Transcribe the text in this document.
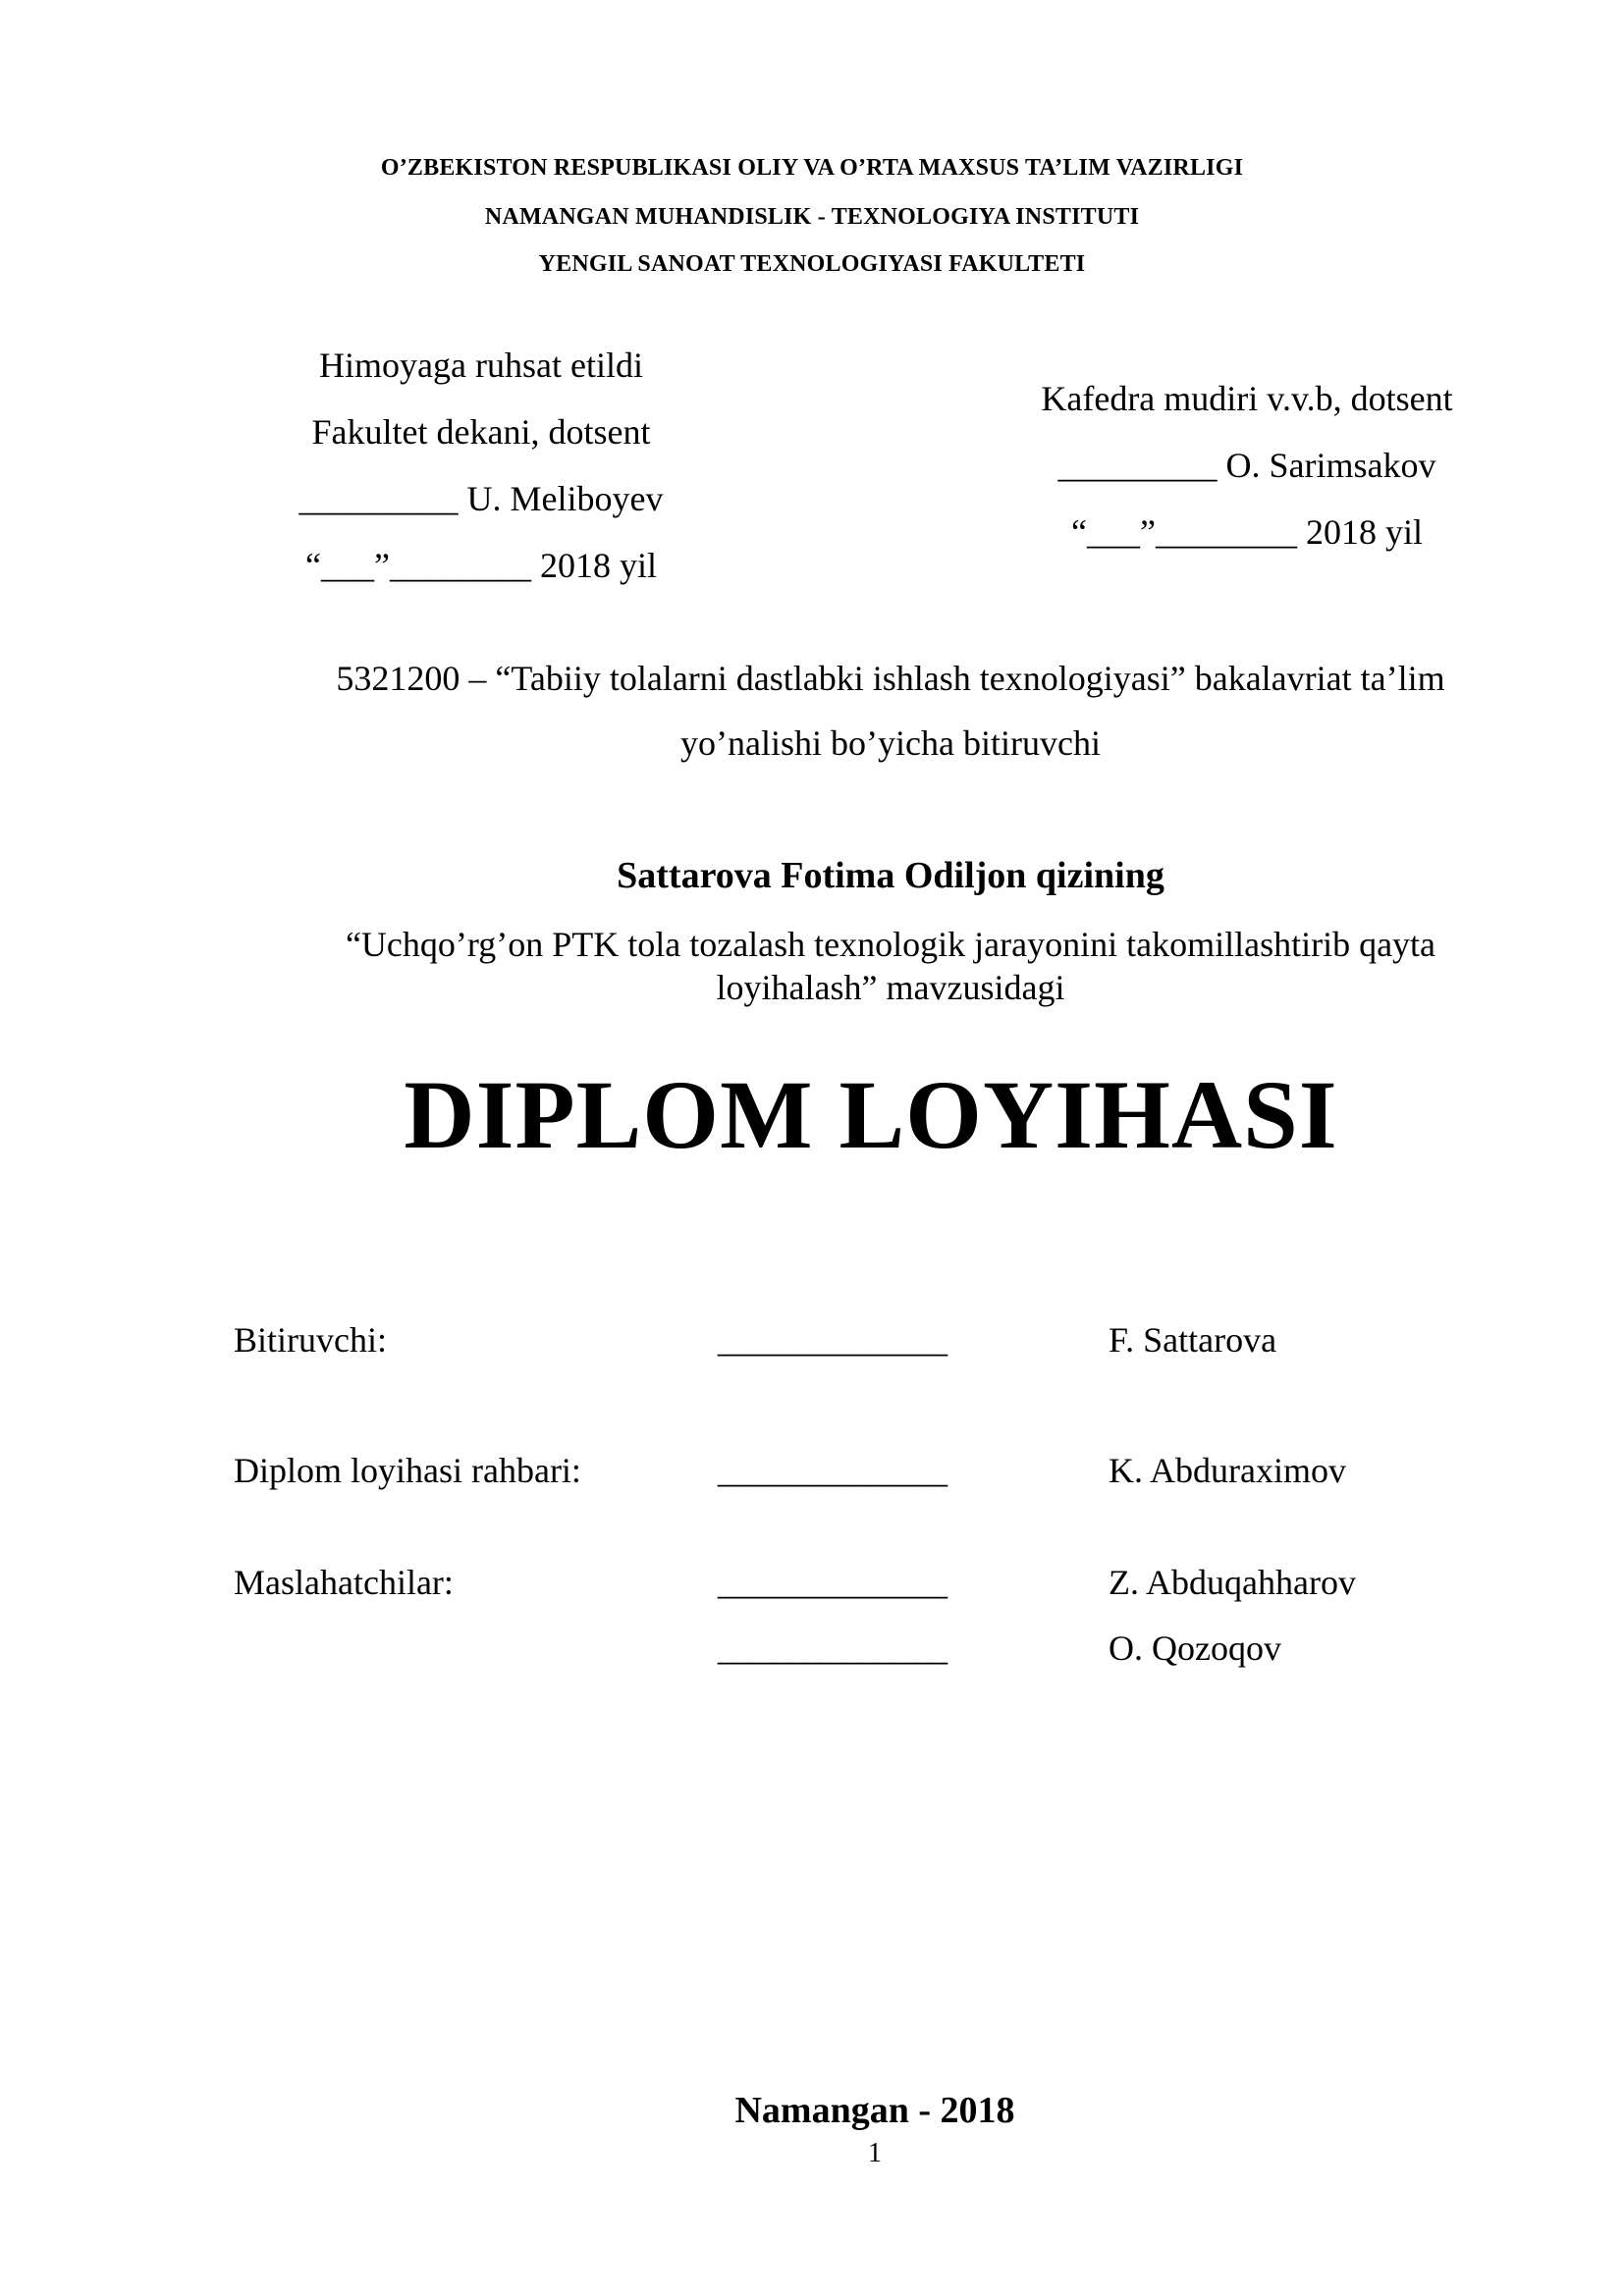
O’ZBEKISTON RESPUBLIKASI OLIY VA O’RTA MAXSUS TA’LIM VAZIRLIGI
NAMANGAN MUHANDISLIK - TEXNOLOGIYA INSTITUTI
YENGIL SANOAT TEXNOLOGIYASI FAKULTETI
Himoyaga ruhsat etildi
Fakultet dekani, dotsent
_________ U. Meliboyev
“___”________ 2018 yil
Kafedra mudiri v.v.b, dotsent
_________ O. Sarimsakov
“___”________ 2018 yil
5321200 – “Tabiiy tolalarni dastlabki ishlash texnologiyasi” bakalavriat ta’lim
yo’nalishi bo’yicha bitiruvchi
Sattarova Fotima Odiljon qizining
“Uchqo’rg’on PTK tola tozalash texnologik jarayonini takomillashtirib qayta
loyihalash” mavzusidagi
DIPLOM LOYIHASI
Bitiruvchi:	_____________	F. Sattarova
Diplom loyihasi rahbari:	_____________	K. Abduraximov
Maslahatchilar:	_____________	Z. Abduqahharov
_____________	O. Qozoqov
Namangan - 2018
1
